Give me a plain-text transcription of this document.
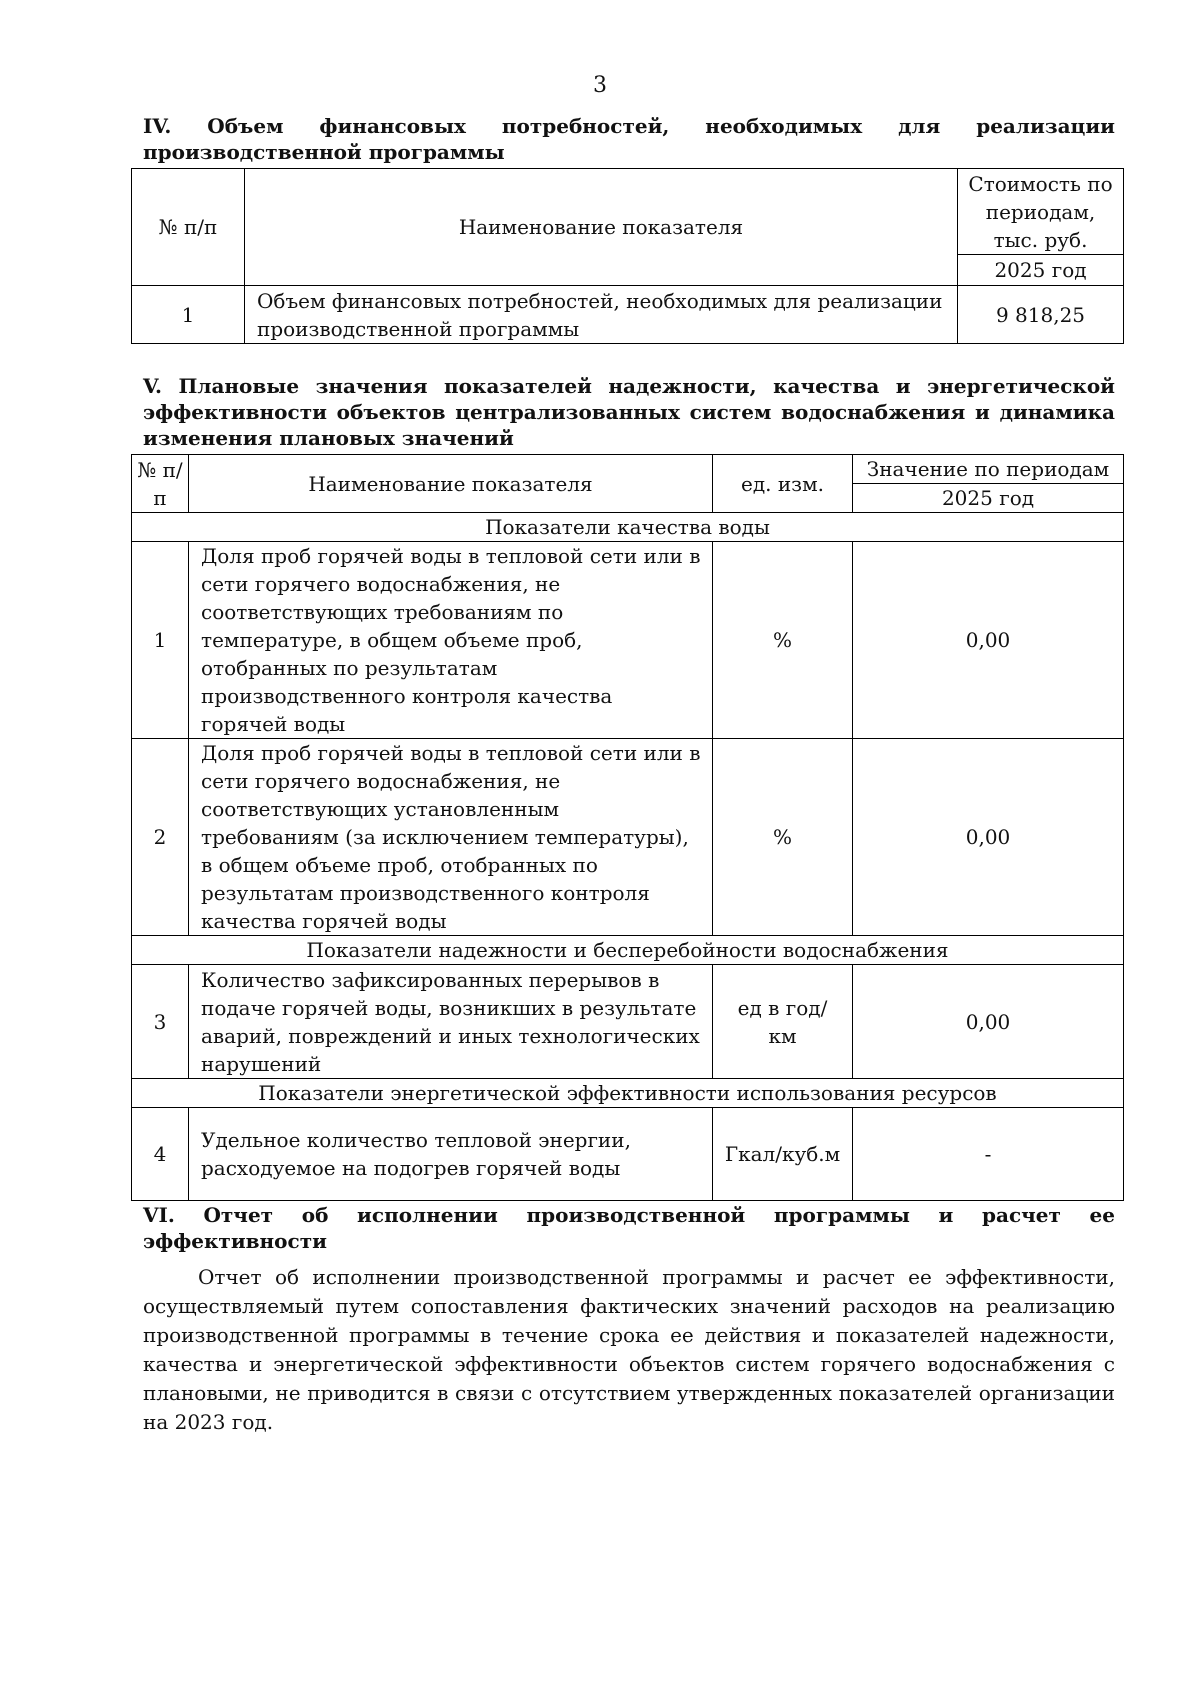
3

IV. Объем финансовых потребностей, необходимых для реализации производственной программы

№ п/п	Наименование показателя	Стоимость по периодам, тыс. руб.
		2025 год
1	Объем финансовых потребностей, необходимых для реализации производственной программы	9 818,25

V. Плановые значения показателей надежности, качества и энергетической эффективности объектов централизованных систем водоснабжения и динамика изменения плановых значений

№ п/п	Наименование показателя	ед. изм.	Значение по периодам
			2025 год
Показатели качества воды			
1	Доля проб горячей воды в тепловой сети или в сети горячего водоснабжения, не соответствующих требованиям по температуре, в общем объеме проб, отобранных по результатам производственного контроля качества горячей воды	%	0,00
2	Доля проб горячей воды в тепловой сети или в сети горячего водоснабжения, не соответствующих установленным требованиям (за исключением температуры), в общем объеме проб, отобранных по результатам производственного контроля качества горячей воды	%	0,00
Показатели надежности и бесперебойности водоснабжения			
3	Количество зафиксированных перерывов в подаче горячей воды, возникших в результате аварий, повреждений и иных технологических нарушений	ед в год/ км	0,00
Показатели энергетической эффективности использования ресурсов			
4	Удельное количество тепловой энергии, расходуемое на подогрев горячей воды	Гкал/куб.м	-

VI. Отчет об исполнении производственной программы и расчет ее эффективности

Отчет об исполнении производственной программы и расчет ее эффективности, осуществляемый путем сопоставления фактических значений расходов на реализацию производственной программы в течение срока ее действия и показателей надежности, качества и энергетической эффективности объектов систем горячего водоснабжения с плановыми, не приводится в связи с отсутствием утвержденных показателей организации на 2023 год.
